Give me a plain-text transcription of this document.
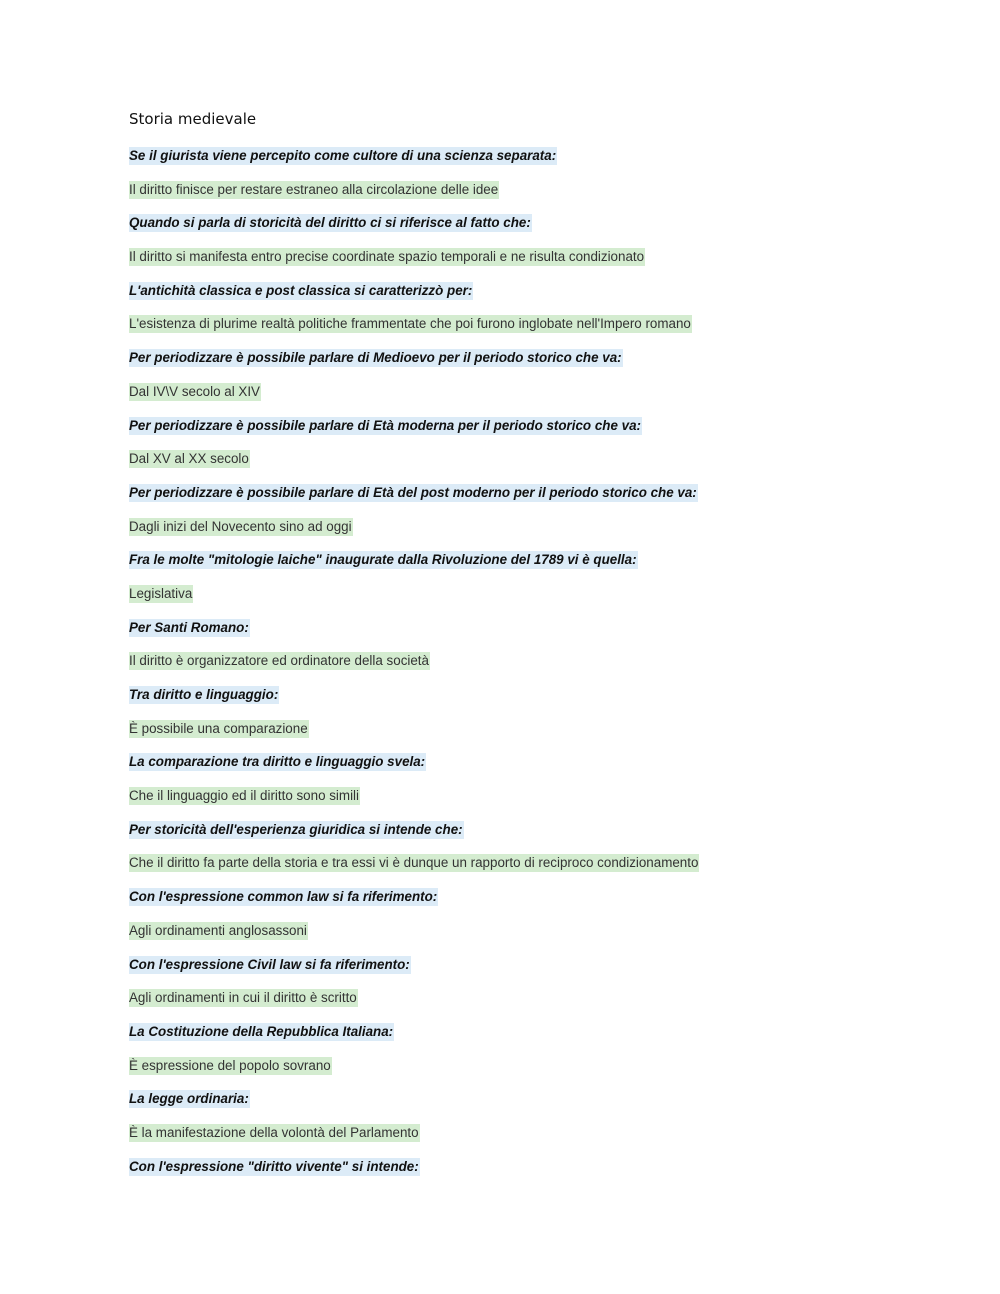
Storia medievale
Se il giurista viene percepito come cultore di una scienza separata:
Il diritto finisce per restare estraneo alla circolazione delle idee
Quando si parla di storicità del diritto ci si riferisce al fatto che:
Il diritto si manifesta entro precise coordinate spazio temporali e ne risulta condizionato
L'antichità classica e post classica si caratterizzò per:
L'esistenza di plurime realtà politiche frammentate che poi furono inglobate nell'Impero romano
Per periodizzare è possibile parlare di Medioevo per il periodo storico che va:
Dal IV\V secolo al XIV
Per periodizzare è possibile parlare di Età moderna per il periodo storico che va:
Dal XV al XX secolo
Per periodizzare è possibile parlare di Età del post moderno per il periodo storico che va:
Dagli inizi del Novecento sino ad oggi
Fra le molte "mitologie laiche" inaugurate dalla Rivoluzione del 1789 vi è quella:
Legislativa
Per Santi Romano:
Il diritto è organizzatore ed ordinatore della società
Tra diritto e linguaggio:
È possibile una comparazione
La comparazione tra diritto e linguaggio svela:
Che il linguaggio ed il diritto sono simili
Per storicità dell'esperienza giuridica si intende che:
Che il diritto fa parte della storia e tra essi vi è dunque un rapporto di reciproco condizionamento
Con l'espressione common law si fa riferimento:
Agli ordinamenti anglosassoni
Con l'espressione Civil law si fa riferimento:
Agli ordinamenti in cui il diritto è scritto
La Costituzione della Repubblica Italiana:
È espressione del popolo sovrano
La legge ordinaria:
È la manifestazione della volontà del Parlamento
Con l'espressione "diritto vivente" si intende:
